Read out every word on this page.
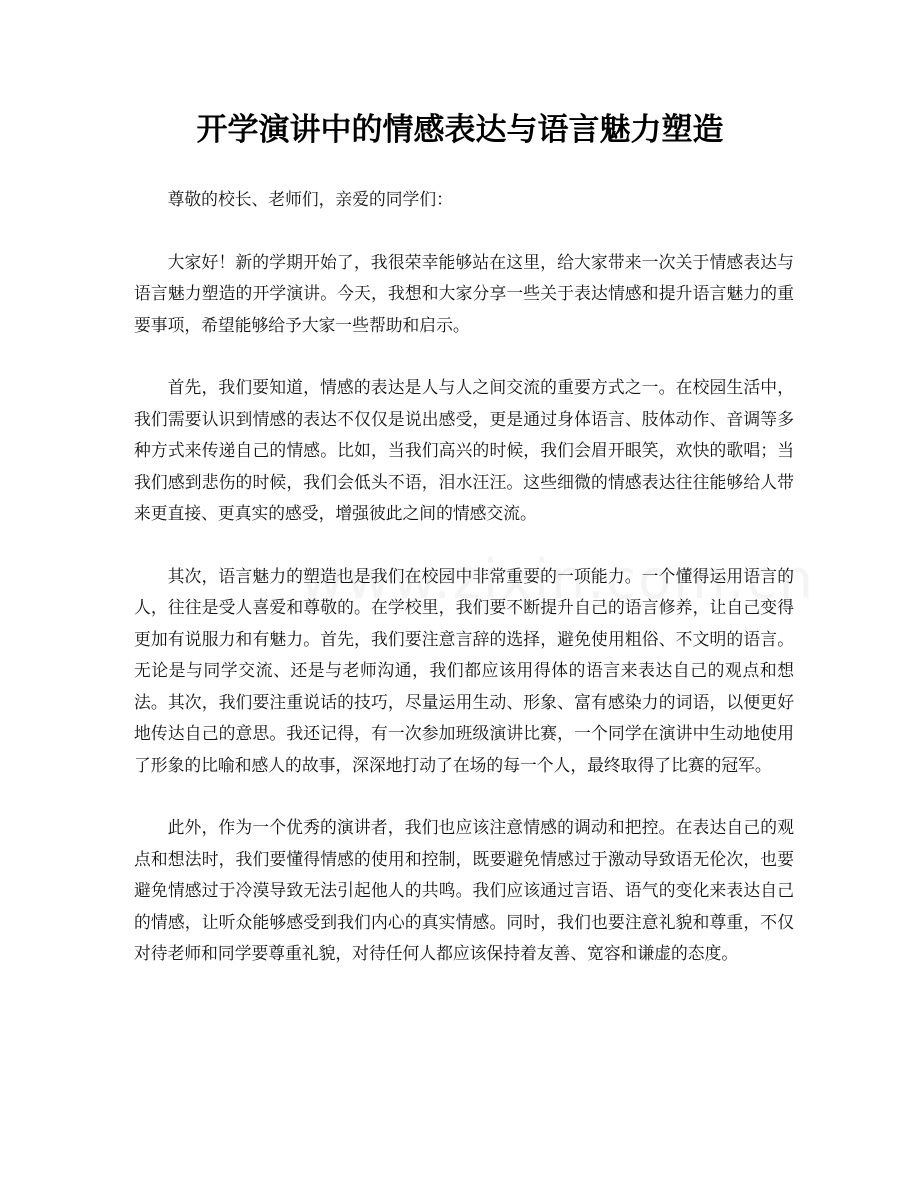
开学演讲中的情感表达与语言魅力塑造

尊敬的校长、老师们，亲爱的同学们：

大家好！新的学期开始了，我很荣幸能够站在这里，给大家带来一次关于情感表达与语言魅力塑造的开学演讲。今天，我想和大家分享一些关于表达情感和提升语言魅力的重要事项，希望能够给予大家一些帮助和启示。

首先，我们要知道，情感的表达是人与人之间交流的重要方式之一。在校园生活中，我们需要认识到情感的表达不仅仅是说出感受，更是通过身体语言、肢体动作、音调等多种方式来传递自己的情感。比如，当我们高兴的时候，我们会眉开眼笑，欢快的歌唱；当我们感到悲伤的时候，我们会低头不语，泪水汪汪。这些细微的情感表达往往能够给人带来更直接、更真实的感受，增强彼此之间的情感交流。

其次，语言魅力的塑造也是我们在校园中非常重要的一项能力。一个懂得运用语言的人，往往是受人喜爱和尊敬的。在学校里，我们要不断提升自己的语言修养，让自己变得更加有说服力和有魅力。首先，我们要注意言辞的选择，避免使用粗俗、不文明的语言。无论是与同学交流、还是与老师沟通，我们都应该用得体的语言来表达自己的观点和想法。其次，我们要注重说话的技巧，尽量运用生动、形象、富有感染力的词语，以便更好地传达自己的意思。我还记得，有一次参加班级演讲比赛，一个同学在演讲中生动地使用了形象的比喻和感人的故事，深深地打动了在场的每一个人，最终取得了比赛的冠军。

此外，作为一个优秀的演讲者，我们也应该注意情感的调动和把控。在表达自己的观点和想法时，我们要懂得情感的使用和控制，既要避免情感过于激动导致语无伦次，也要避免情感过于冷漠导致无法引起他人的共鸣。我们应该通过言语、语气的变化来表达自己的情感，让听众能够感受到我们内心的真实情感。同时，我们也要注意礼貌和尊重，不仅对待老师和同学要尊重礼貌，对待任何人都应该保持着友善、宽容和谦虚的态度。
